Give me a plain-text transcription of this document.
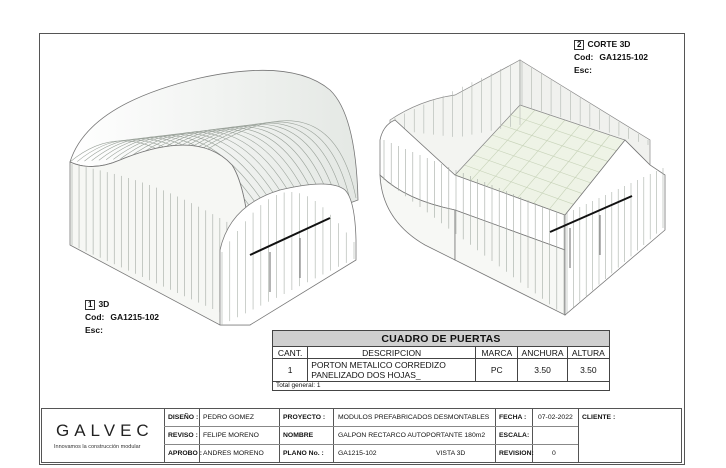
1 3D
Cod: GA1215-102
Esc:
2 CORTE 3D
Cod: GA1215-102
Esc:
CUADRO DE PUERTAS				
CANT.	DESCRIPCION	MARCA	ANCHURA	ALTURA
1	PORTON METALICO CORREDIZO
PANELIZADO DOS HOJAS_	PC	3.50	3.50
Total general: 1				
GALVEC
Innovamos la construcción modular
DISEÑO : PEDRO GOMEZ
REVISO : FELIPE MORENO
APROBO : ANDRES MORENO
PROYECTO : MODULOS PREFABRICADOS DESMONTABLES
NOMBRE	GALPON RECTARCO AUTOPORTANTE 180m2
PLANO No. : GA1215-102	VISTA 3D
FECHA : 07-02-2022
ESCALA:
REVISION:	0
CLIENTE :
